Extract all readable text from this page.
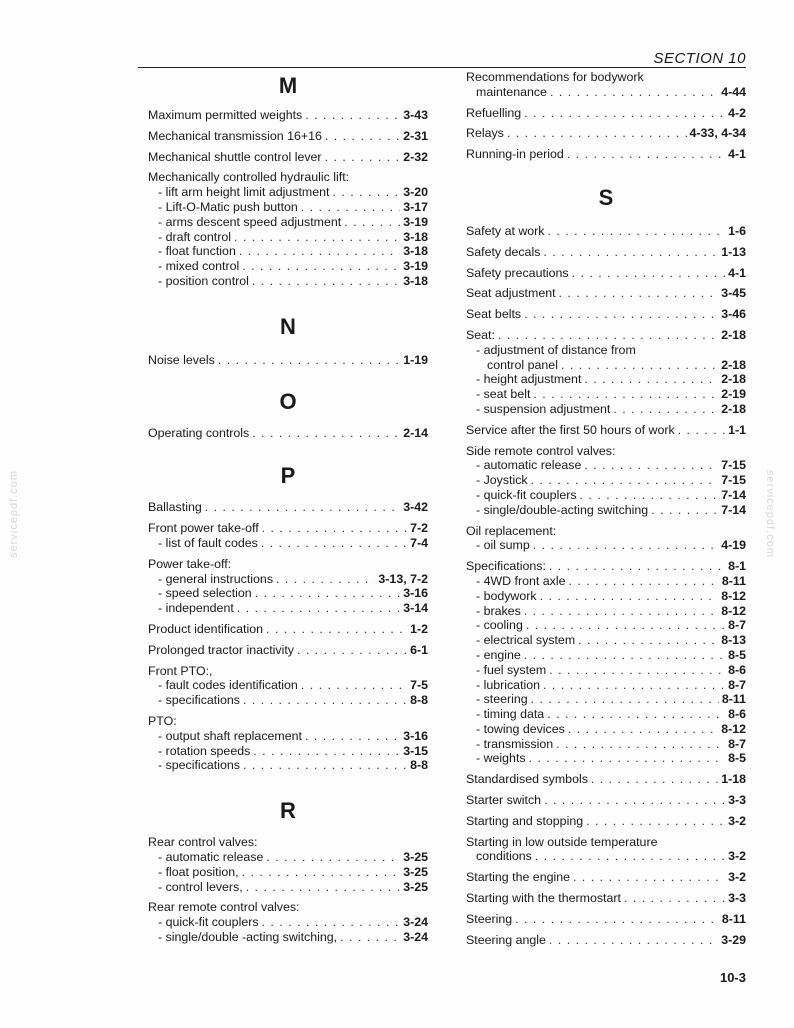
SECTION 10
servicepdf.com	servicepdf.com
M
Maximum permitted weights . . .	3-43
Mechanical transmission 16+16 . . .	2-31
Mechanical shuttle control lever . . .	2-32
Mechanically controlled hydraulic lift:
- lift arm height limit adjustment . . .	3-20
- Lift-O-Matic push button . . .	3-17
- arms descent speed adjustment . . .	3-19
- draft control . . .	3-18
- float function . . .	3-18
- mixed control . . .	3-19
- position control . . .	3-18
N
Noise levels . . .	1-19
O
Operating controls . . .	2-14
P
Ballasting . . .	3-42
Front power take-off . . .	7-2
- list of fault codes . . .	7-4
Power take-off:
- general instructions . . .	3-13, 7-2
- speed selection . . .	3-16
- independent . . .	3-14
Product identification . . .	1-2
Prolonged tractor inactivity . . .	6-1
Front PTO:,
- fault codes identification . . .	7-5
- specifications . . .	8-8
PTO:
- output shaft replacement . . .	3-16
- rotation speeds . . .	3-15
- specifications . . .	8-8
R
Rear control valves:
- automatic release . . .	3-25
- float position, . . .	3-25
- control levers, . . .	3-25
Rear remote control valves:
- quick-fit couplers . . .	3-24
- single/double -acting switching, . . .	3-24
Recommendations for bodywork
maintenance . . .	4-44
Refuelling . . .	4-2
Relays . . .	4-33, 4-34
Running-in period . . .	4-1
S
Safety at work . . .	1-6
Safety decals . . .	1-13
Safety precautions . . .	4-1
Seat adjustment . . .	3-45
Seat belts . . .	3-46
Seat: . . .	2-18
- adjustment of distance from
control panel . . .	2-18
- height adjustment . . .	2-18
- seat belt . . .	2-19
- suspension adjustment . . .	2-18
Service after the first 50 hours of work . . .	1-1
Side remote control valves:
- automatic release . . .	7-15
- Joystick . . .	7-15
- quick-fit couplers . . .	7-14
- single/double-acting switching . . .	7-14
Oil replacement:
- oil sump . . .	4-19
Specifications: . . .	8-1
- 4WD front axle . . .	8-11
- bodywork . . .	8-12
- brakes . . .	8-12
- cooling . . .	8-7
- electrical system . . .	8-13
- engine . . .	8-5
- fuel system . . .	8-6
- lubrication . . .	8-7
- steering . . .	8-11
- timing data . . .	8-6
- towing devices . . .	8-12
- transmission . . .	8-7
- weights . . .	8-5
Standardised symbols . . .	1-18
Starter switch . . .	3-3
Starting and stopping . . .	3-2
Starting in low outside temperature
conditions . . .	3-2
Starting the engine . . .	3-2
Starting with the thermostart . . .	3-3
Steering . . .	8-11
Steering angle . . .	3-29
10-3
